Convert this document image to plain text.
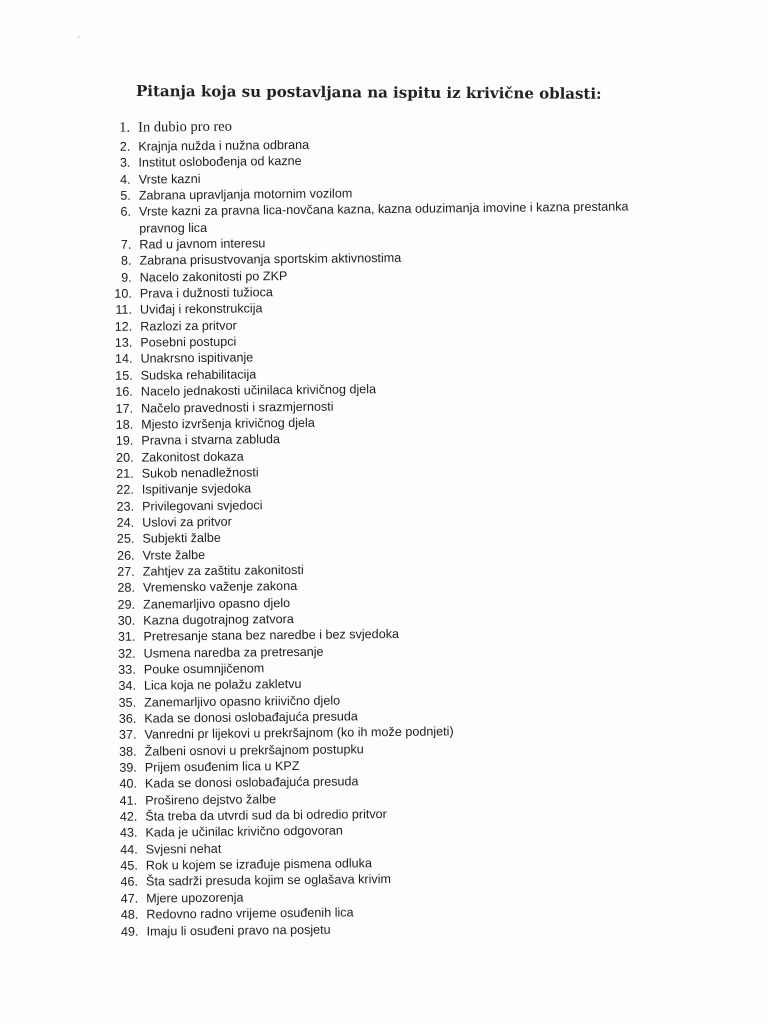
Pitanja koja su postavljana na ispitu iz krivične oblasti:
1. In dubio pro reo
2. Krajnja nužda i nužna odbrana
3. Institut oslobođenja od kazne
4. Vrste kazni
5. Zabrana upravljanja motornim vozilom
6. Vrste kazni za pravna lica-novčana kazna, kazna oduzimanja imovine i kazna prestanka pravnog lica
7. Rad u javnom interesu
8. Zabrana prisustvovanja sportskim aktivnostima
9. Nacelo zakonitosti po ZKP
10. Prava i dužnosti tužioca
11. Uviđaj i rekonstrukcija
12. Razlozi za pritvor
13. Posebni postupci
14. Unakrsno ispitivanje
15. Sudska rehabilitacija
16. Nacelo jednakosti učinilaca krivičnog djela
17. Načelo pravednosti i srazmjernosti
18. Mjesto izvršenja krivičnog djela
19. Pravna i stvarna zabluda
20. Zakonitost dokaza
21. Sukob nenadležnosti
22. Ispitivanje svjedoka
23. Privilegovani svjedoci
24. Uslovi za pritvor
25. Subjekti žalbe
26. Vrste žalbe
27. Zahtjev za zaštitu zakonitosti
28. Vremensko važenje zakona
29. Zanemarljivo opasno djelo
30. Kazna dugotrajnog zatvora
31. Pretresanje stana bez naredbe i bez svjedoka
32. Usmena naredba za pretresanje
33. Pouke osumnjičenom
34. Lica koja ne polažu zakletvu
35. Zanemarljivo opasno kriivično djelo
36. Kada se donosi oslobađajuća presuda
37. Vanredni pr lijekovi u prekršajnom (ko ih može podnjeti)
38. Žalbeni osnovi u prekršajnom postupku
39. Prijem osuđenim lica u KPZ
40. Kada se donosi oslobađajuća presuda
41. Prošireno dejstvo žalbe
42. Šta treba da utvrdi sud da bi odredio pritvor
43. Kada je učinilac krivično odgovoran
44. Svjesni nehat
45. Rok u kojem se izrađuje pismena odluka
46. Šta sadrži presuda kojim se oglašava krivim
47. Mjere upozorenja
48. Redovno radno vrijeme osuđenih lica
49. Imaju li osuđeni pravo na posjetu
